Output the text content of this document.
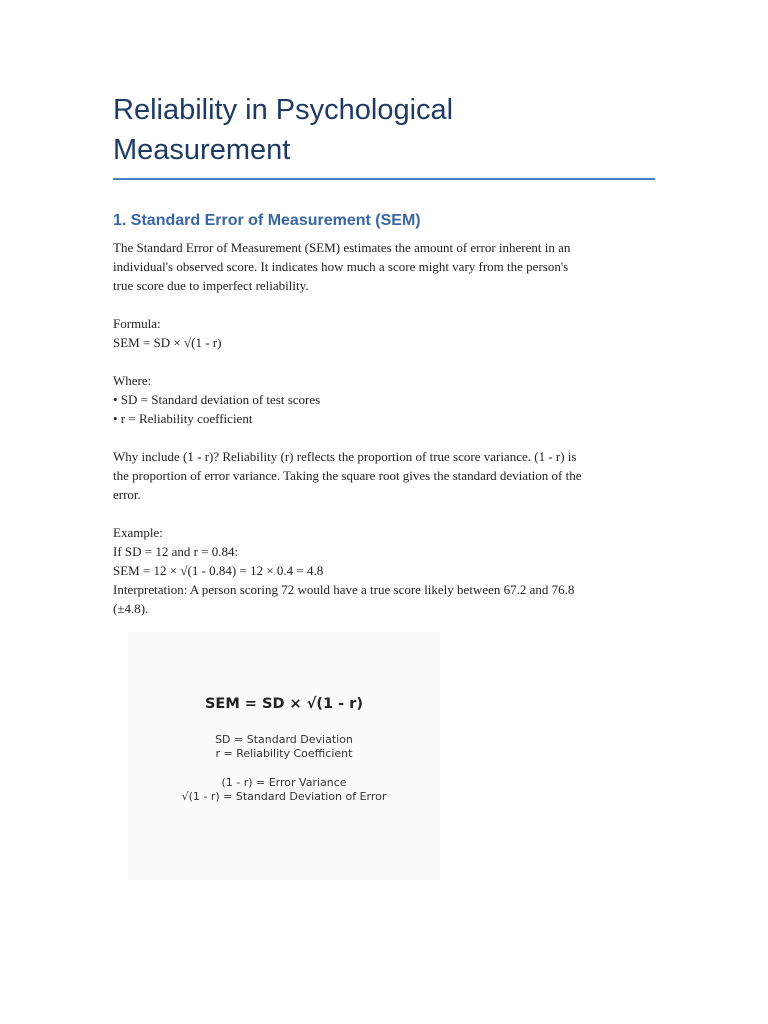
Reliability in Psychological
Measurement
1. Standard Error of Measurement (SEM)

The Standard Error of Measurement (SEM) estimates the amount of error inherent in an
individual's observed score. It indicates how much a score might vary from the person's
true score due to imperfect reliability.

Formula:
SEM = SD × √(1 - r)

Where:
• SD = Standard deviation of test scores
• r = Reliability coefficient

Why include (1 - r)? Reliability (r) reflects the proportion of true score variance. (1 - r) is
the proportion of error variance. Taking the square root gives the standard deviation of the
error.

Example:
If SD = 12 and r = 0.84:
SEM = 12 × √(1 - 0.84) = 12 × 0.4 = 4.8
Interpretation: A person scoring 72 would have a true score likely between 67.2 and 76.8
(±4.8).

SEM = SD × √(1 - r)
SD = Standard Deviation
r = Reliability Coefficient
(1 - r) = Error Variance
√(1 - r) = Standard Deviation of Error
